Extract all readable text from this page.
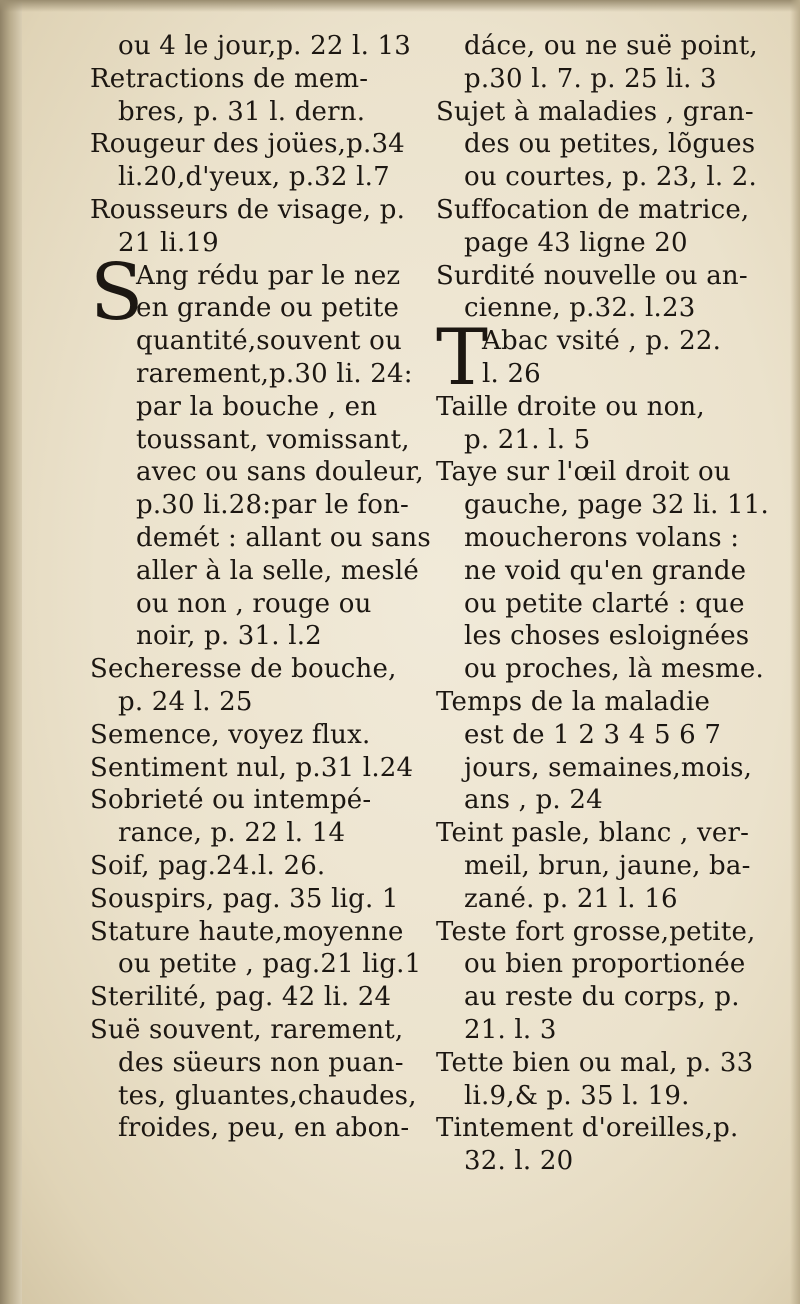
ou 4 le jour,p. 22 l. 13
Retractions de mem-
bres, p. 31 l. dern.
Rougeur des joües,p.34
li.20,d'yeux, p.32 l.7
Rousseurs de visage, p.
21 li.19
S
Ang rédu par le nez
en grande ou petite
quantité,souvent ou
rarement,p.30 li. 24:
par la bouche , en
toussant, vomissant,
avec ou sans douleur,
p.30 li.28:par le fon-
demét : allant ou sans
aller à la selle, meslé
ou non , rouge ou
noir, p. 31. l.2
Secheresse de bouche,
p. 24 l. 25
Semence, voyez flux.
Sentiment nul, p.31 l.24
Sobrieté ou intempé-
rance, p. 22 l. 14
Soif, pag.24.l. 26.
Souspirs, pag. 35 lig. 1
Stature haute,moyenne
ou petite , pag.21 lig.1
Sterilité, pag. 42 li. 24
Suë souvent, rarement,
des süeurs non puan-
tes, gluantes,chaudes,
froides, peu, en abon-
dáce, ou ne suë point,
p.30 l. 7. p. 25 li. 3
Sujet à maladies , gran-
des ou petites, lõgues
ou courtes, p. 23, l. 2.
Suffocation de matrice,
page 43 ligne 20
Surdité nouvelle ou an-
cienne, p.32. l.23
T
Abac vsité , p. 22.
l. 26
Taille droite ou non,
p. 21. l. 5
Taye sur l'œil droit ou
gauche, page 32 li. 11.
moucherons volans :
ne void qu'en grande
ou petite clarté : que
les choses esloignées
ou proches, là mesme.
Temps de la maladie
est de 1 2 3 4 5 6 7
jours, semaines,mois,
ans , p. 24
Teint pasle, blanc , ver-
meil, brun, jaune, ba-
zané. p. 21 l. 16
Teste fort grosse,petite,
ou bien proportionée
au reste du corps, p.
21. l. 3
Tette bien ou mal, p. 33
li.9,& p. 35 l. 19.
Tintement d'oreilles,p.
32. l. 20
